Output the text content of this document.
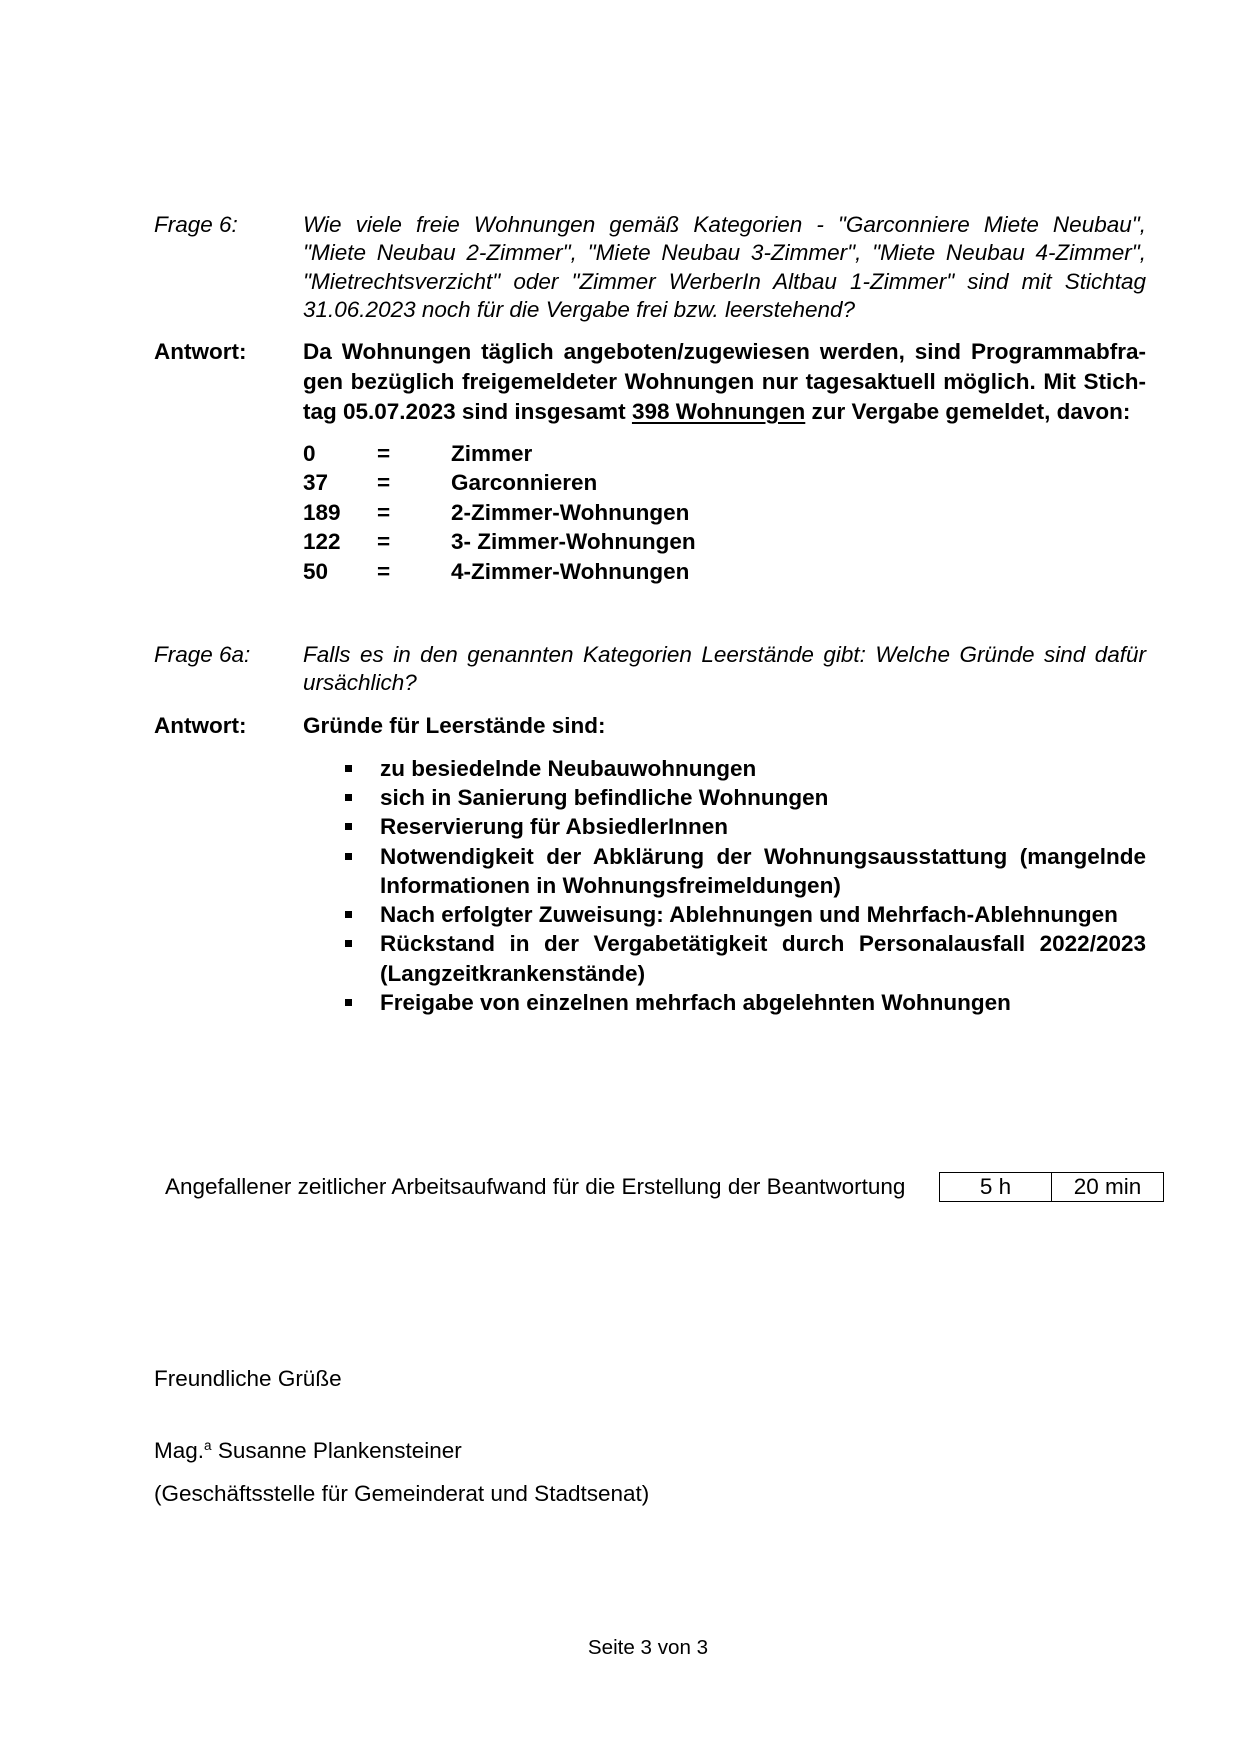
Frage 6:	Wie viele freie Wohnungen gemäß Kategorien - "Garconniere Miete Neubau",
"Miete Neubau 2-Zimmer", "Miete Neubau 3-Zimmer", "Miete Neubau 4-Zimmer",
"Mietrechtsverzicht" oder "Zimmer WerberIn Altbau 1-Zimmer" sind mit Stichtag
31.06.2023 noch für die Vergabe frei bzw. leerstehend?
Antwort:	Da Wohnungen täglich angeboten/zugewiesen werden, sind Programmabfra-
gen bezüglich freigemeldeter Wohnungen nur tagesaktuell möglich. Mit Stich-
tag 05.07.2023 sind insgesamt 398 Wohnungen zur Vergabe gemeldet, davon:
0	=	Zimmer
37 =	Garconnieren
189 =	2-Zimmer-Wohnungen
122 =	3- Zimmer-Wohnungen
50 =	4-Zimmer-Wohnungen
Frage 6a:	Falls es in den genannten Kategorien Leerstände gibt: Welche Gründe sind dafür
ursächlich?
Antwort:	Gründe für Leerstände sind:
zu besiedelnde Neubauwohnungen
sich in Sanierung befindliche Wohnungen
Reservierung für AbsiedlerInnen
Notwendigkeit der Abklärung der Wohnungsausstattung (mangelnde
Informationen in Wohnungsfreimeldungen)
Nach erfolgter Zuweisung: Ablehnungen und Mehrfach-Ablehnungen
Rückstand in der Vergabetätigkeit durch Personalausfall 2022/2023
(Langzeitkrankenstände)
Freigabe von einzelnen mehrfach abgelehnten Wohnungen
Angefallener zeitlicher Arbeitsaufwand für die Erstellung der Beantwortung	5 h	20 min
Freundliche Grüße
Mag.$^a$ Susanne Plankensteiner
(Geschäftsstelle für Gemeinderat und Stadtsenat)
Seite 3 von 3
